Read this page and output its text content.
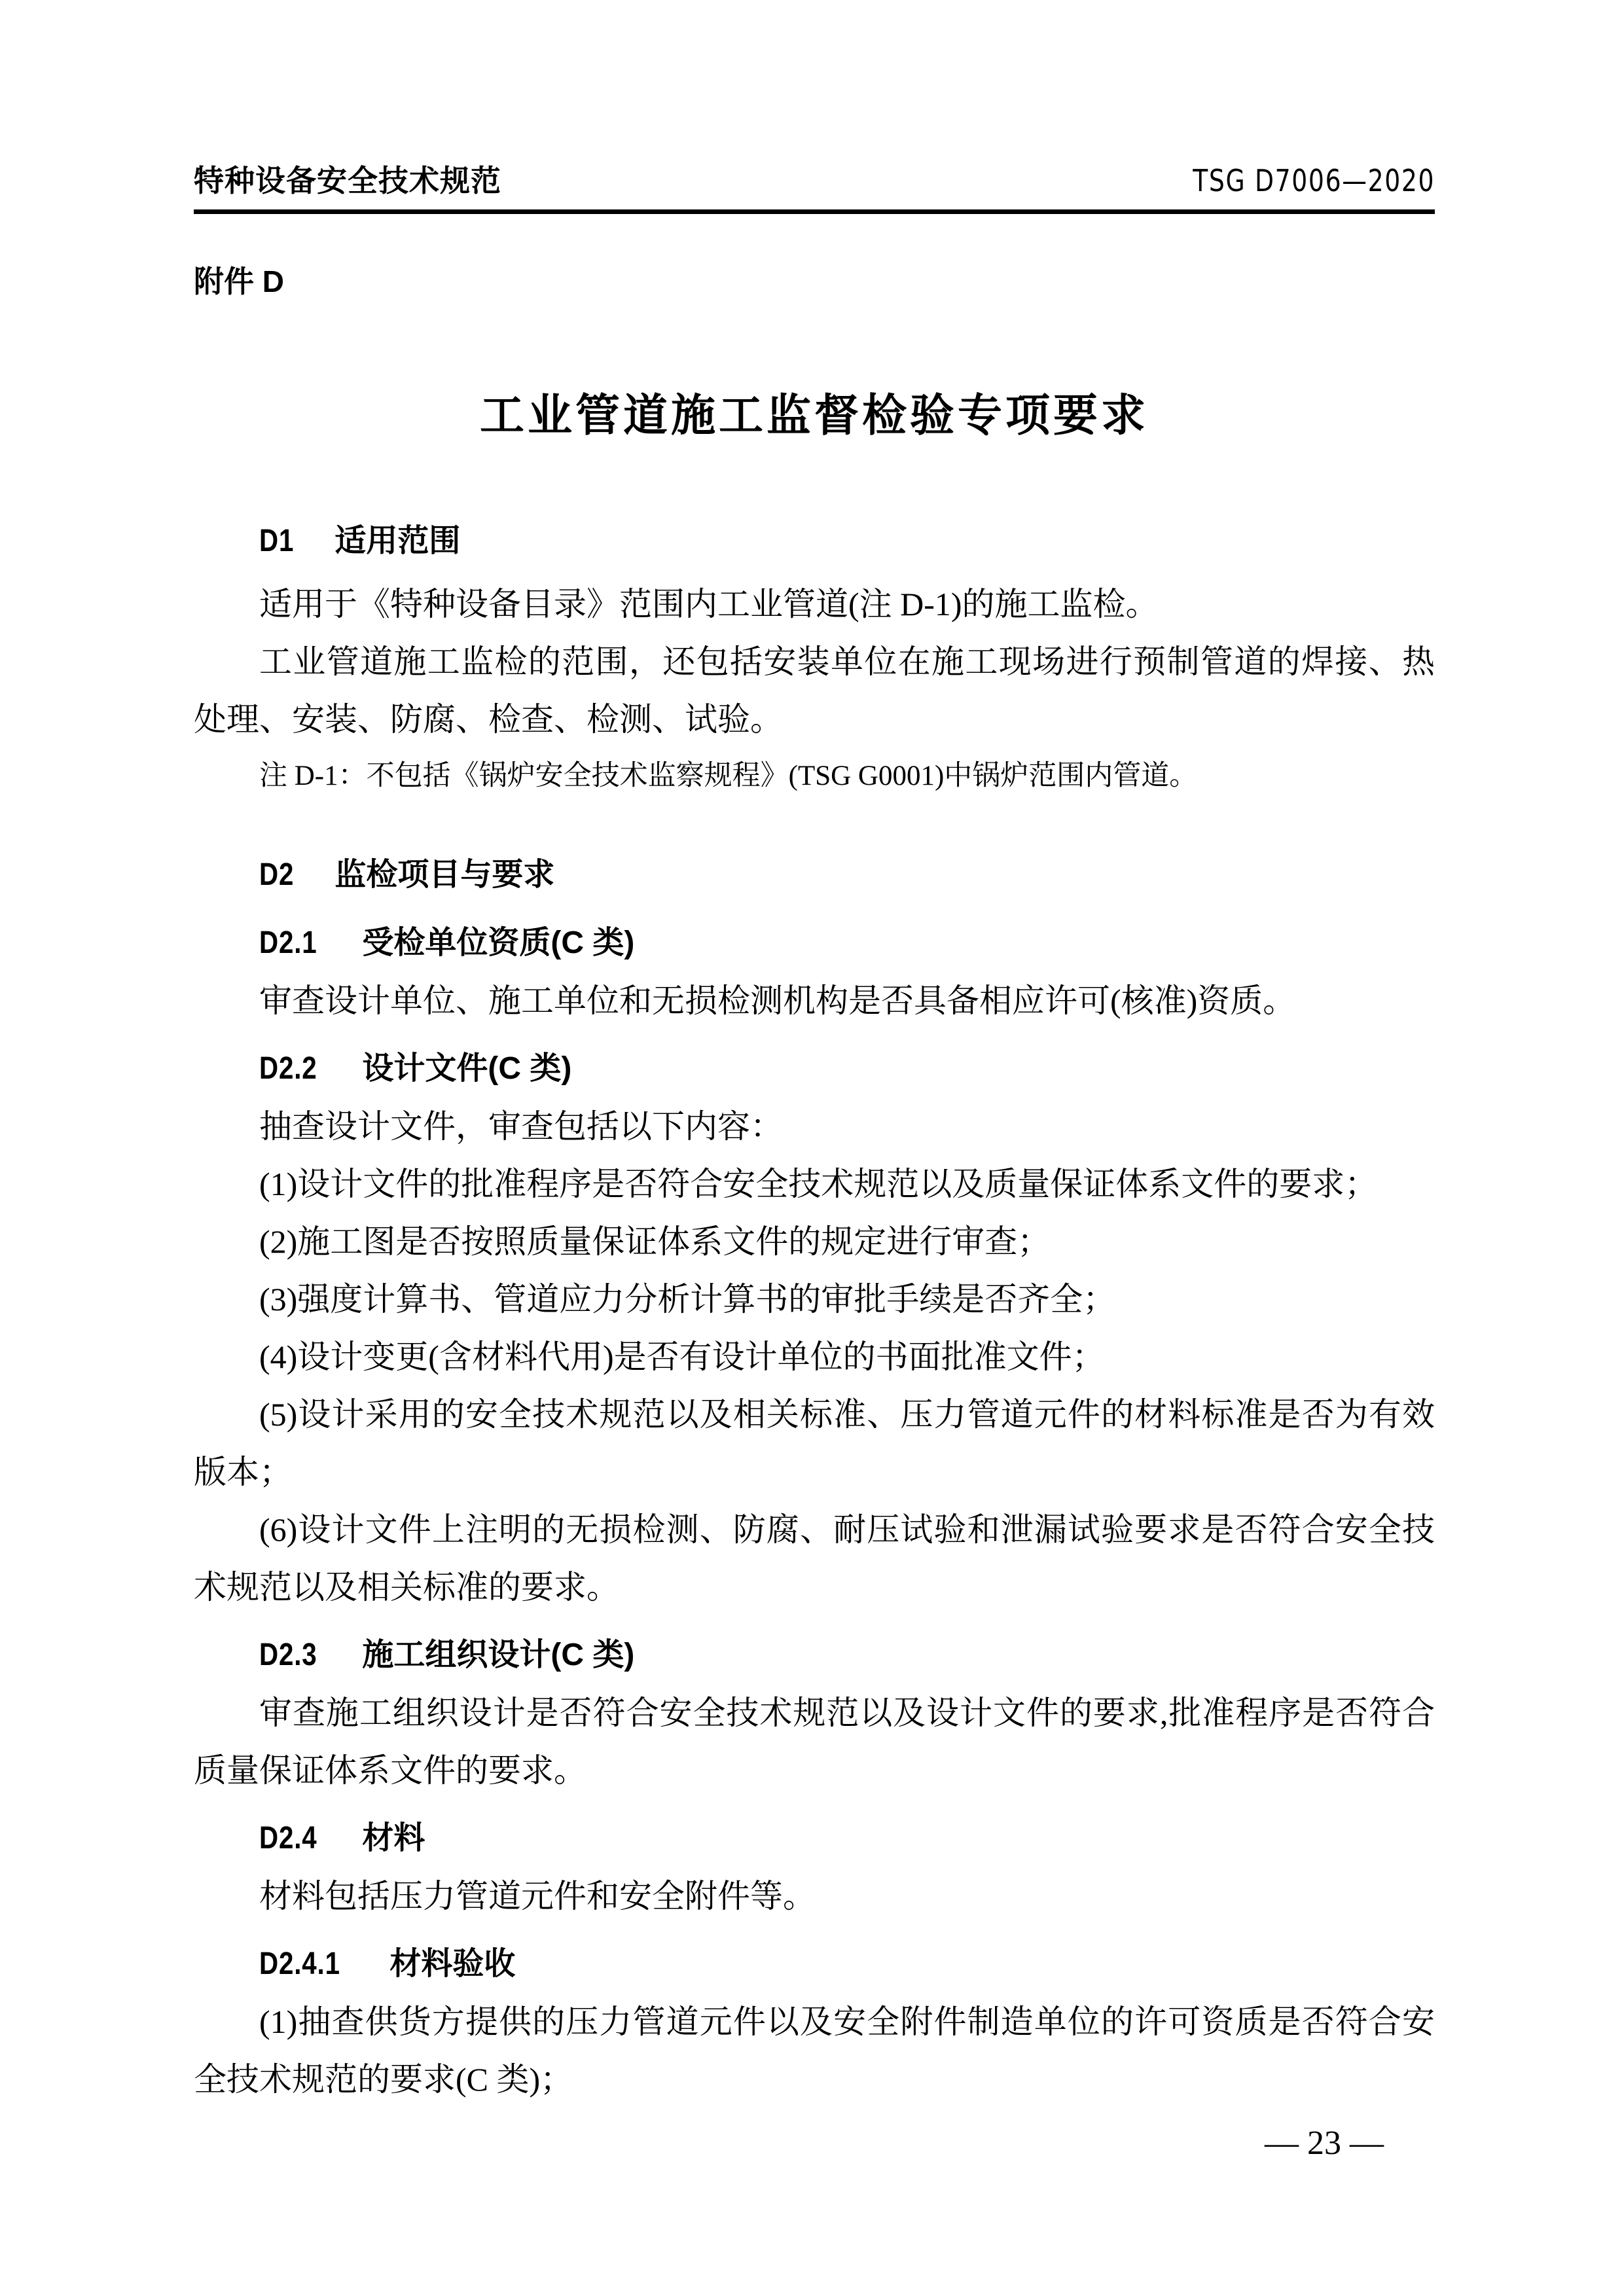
特种设备安全技术规范	TSG D7006—2020
附件 D
工业管道施工监督检验专项要求
D1 适用范围

适用于《特种设备目录》范围内工业管道(注 D-1)的施工监检。

工业管道施工监检的范围，还包括安装单位在施工现场进行预制管道的焊接、热处理、安装、防腐、检查、检测、试验。

注 D-1：不包括《锅炉安全技术监察规程》(TSG G0001)中锅炉范围内管道。

D2 监检项目与要求
D2.1 受检单位资质(C 类)

审查设计单位、施工单位和无损检测机构是否具备相应许可(核准)资质。

D2.2 设计文件(C 类)

抽查设计文件，审查包括以下内容：

(1)设计文件的批准程序是否符合安全技术规范以及质量保证体系文件的要求；

(2)施工图是否按照质量保证体系文件的规定进行审查；

(3)强度计算书、管道应力分析计算书的审批手续是否齐全；

(4)设计变更(含材料代用)是否有设计单位的书面批准文件；

(5)设计采用的安全技术规范以及相关标准、压力管道元件的材料标准是否为有效版本；

(6)设计文件上注明的无损检测、防腐、耐压试验和泄漏试验要求是否符合安全技术规范以及相关标准的要求。

D2.3 施工组织设计(C 类)

审查施工组织设计是否符合安全技术规范以及设计文件的要求,批准程序是否符合质量保证体系文件的要求。

D2.4 材料

材料包括压力管道元件和安全附件等。

D2.4.1 材料验收

(1)抽查供货方提供的压力管道元件以及安全附件制造单位的许可资质是否符合安全技术规范的要求(C 类)；

— 23 —
